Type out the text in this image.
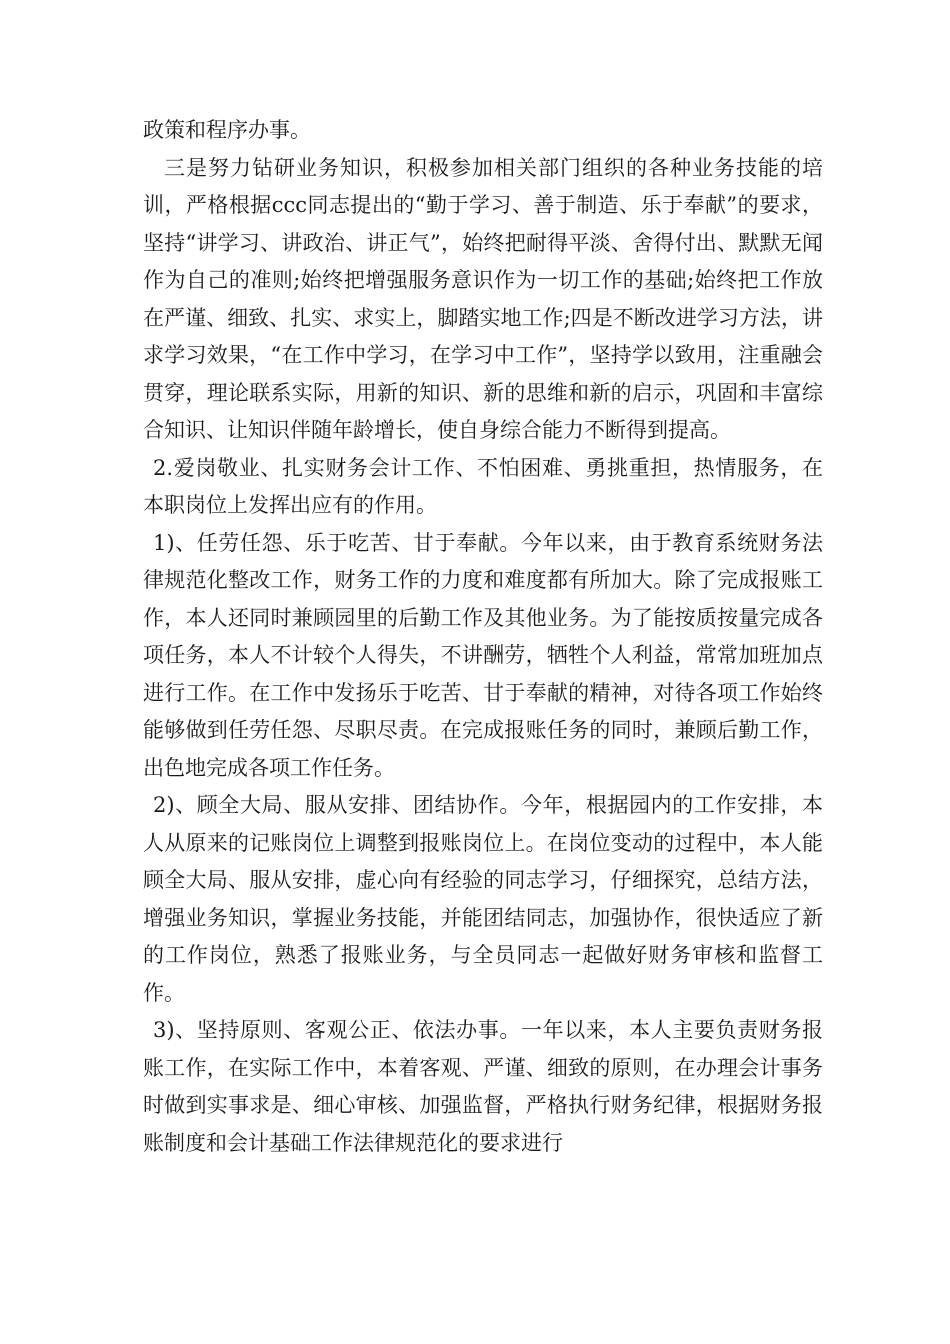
政策和程序办事。

三是努力钻研业务知识，积极参加相关部门组织的各种业务技能的培训，严格根据ccc同志提出的“勤于学习、善于制造、乐于奉献”的要求，坚持“讲学习、讲政治、讲正气”，始终把耐得平淡、舍得付出、默默无闻作为自己的准则;始终把增强服务意识作为一切工作的基础;始终把工作放在严谨、细致、扎实、求实上，脚踏实地工作;四是不断改进学习方法，讲求学习效果，“在工作中学习，在学习中工作”，坚持学以致用，注重融会贯穿，理论联系实际，用新的知识、新的思维和新的启示，巩固和丰富综合知识、让知识伴随年龄增长，使自身综合能力不断得到提高。

2.爱岗敬业、扎实财务会计工作、不怕困难、勇挑重担，热情服务，在本职岗位上发挥出应有的作用。

1)、任劳任怨、乐于吃苦、甘于奉献。今年以来，由于教育系统财务法律规范化整改工作，财务工作的力度和难度都有所加大。除了完成报账工作，本人还同时兼顾园里的后勤工作及其他业务。为了能按质按量完成各项任务，本人不计较个人得失，不讲酬劳，牺牲个人利益，常常加班加点进行工作。在工作中发扬乐于吃苦、甘于奉献的精神，对待各项工作始终能够做到任劳任怨、尽职尽责。在完成报账任务的同时，兼顾后勤工作，出色地完成各项工作任务。

2)、顾全大局、服从安排、团结协作。今年，根据园内的工作安排，本人从原来的记账岗位上调整到报账岗位上。在岗位变动的过程中，本人能顾全大局、服从安排，虚心向有经验的同志学习，仔细探究，总结方法，增强业务知识，掌握业务技能，并能团结同志，加强协作，很快适应了新的工作岗位，熟悉了报账业务，与全员同志一起做好财务审核和监督工作。

3)、坚持原则、客观公正、依法办事。一年以来，本人主要负责财务报账工作，在实际工作中，本着客观、严谨、细致的原则，在办理会计事务时做到实事求是、细心审核、加强监督，严格执行财务纪律，根据财务报账制度和会计基础工作法律规范化的要求进行
